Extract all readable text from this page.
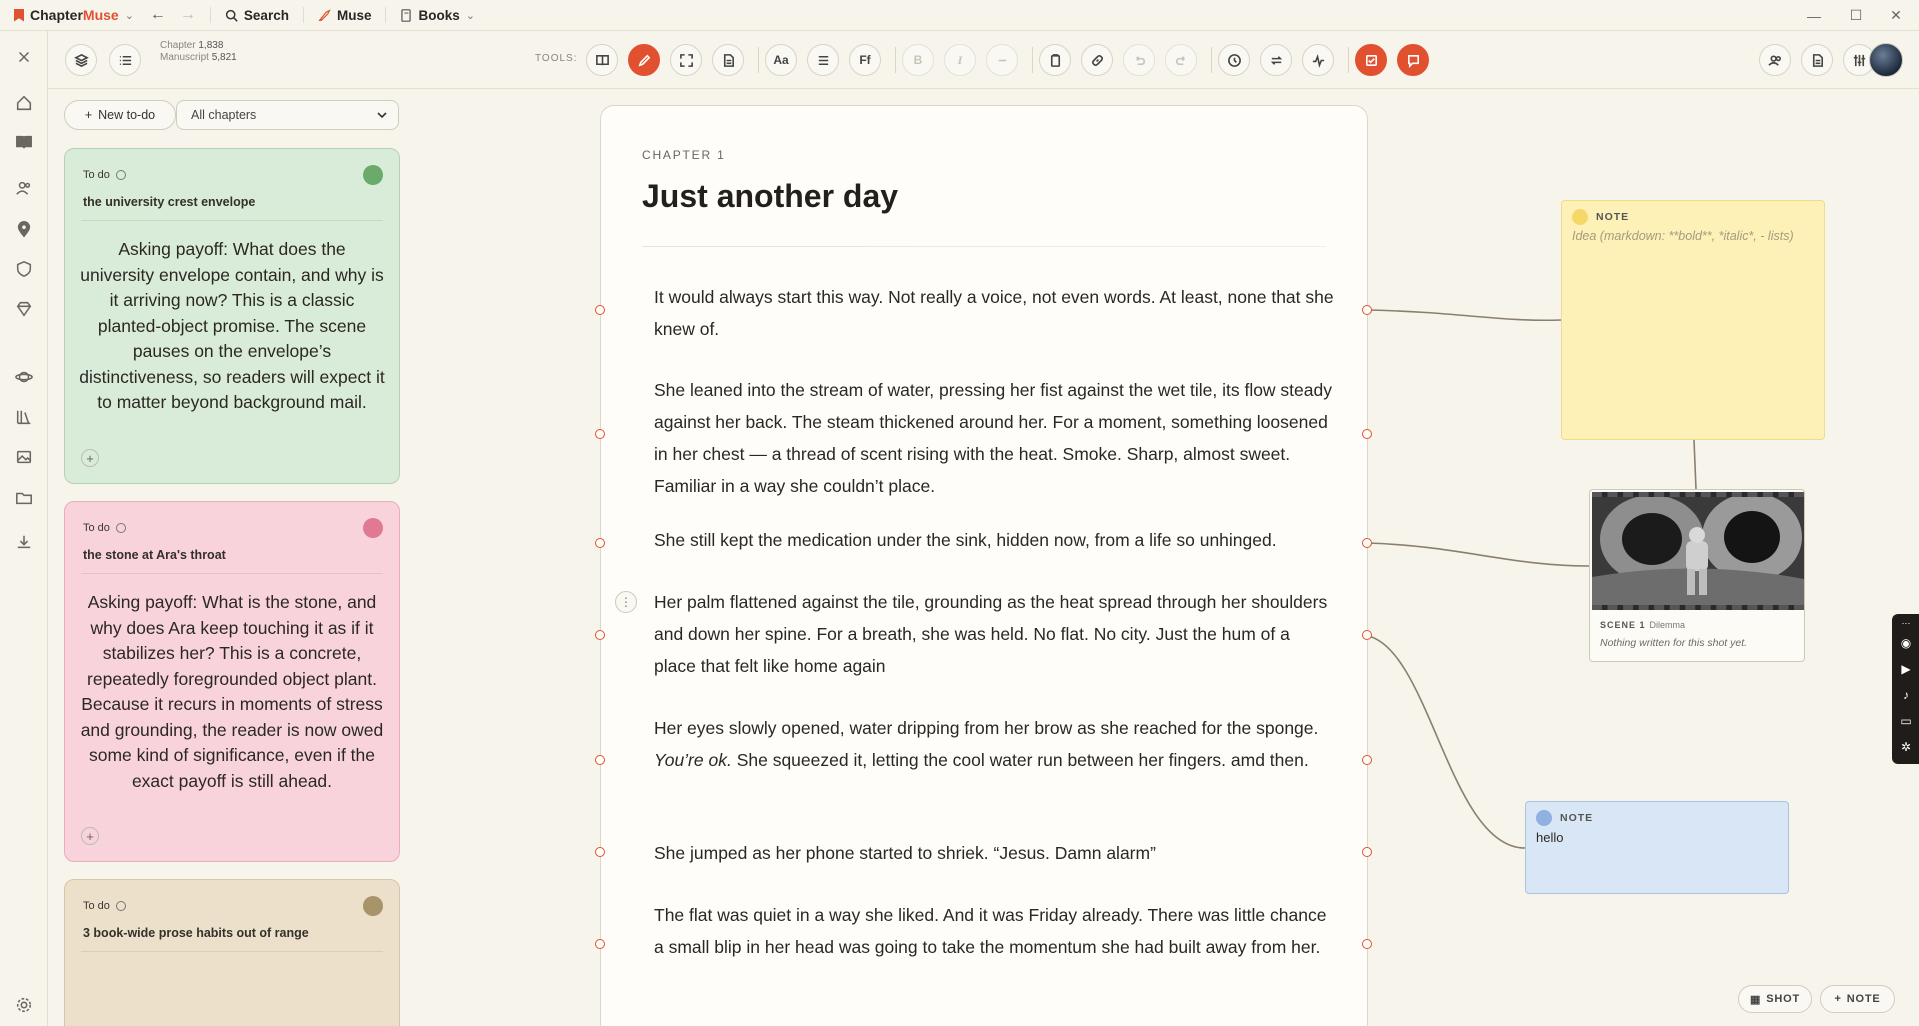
ChapterMuse ⌄ ← →	Search	Muse	Books ⌄	—	☐	✕
Chapter 1,838
Manuscript 5,821	TOOLS:	Aa	Ff	B	I
+ New to-do	All chapters
To do
the university crest envelope
Asking payoff: What does the university envelope contain, and why is it arriving now? This is a classic planted-object promise. The scene pauses on the envelope’s distinctiveness, so readers will expect it to matter beyond background mail.
+
To do
the stone at Ara's throat
Asking payoff: What is the stone, and why does Ara keep touching it as if it stabilizes her? This is a concrete, repeatedly foregrounded object plant. Because it recurs in moments of stress and grounding, the reader is now owed some kind of significance, even if the exact payoff is still ahead.
+
To do
3 book-wide prose habits out of range
CHAPTER 1
Just another day
It would always start this way. Not really a voice, not even words. At least, none that she knew of.
She leaned into the stream of water, pressing her fist against the wet tile, its flow steady against her back. The steam thickened around her. For a moment, something loosened in her chest — a thread of scent rising with the heat. Smoke. Sharp, almost sweet. Familiar in a way she couldn’t place.
She still kept the medication under the sink, hidden now, from a life so unhinged.
Her palm flattened against the tile, grounding as the heat spread through her shoulders and down her spine. For a breath, she was held. No flat. No city. Just the hum of a place that felt like home again
Her eyes slowly opened, water dripping from her brow as she reached for the sponge. You’re ok. She squeezed it, letting the cool water run between her fingers. amd then.
She jumped as her phone started to shriek. “Jesus. Damn alarm”
The flat was quiet in a way she liked. And it was Friday already. There was little chance a small blip in her head was going to take the momentum she had built away from her.
⋮
NOTE
Idea (markdown: **bold**, *italic*, - lists)
SCENE 1 Dilemma
Nothing written for this shot yet.
NOTE
hello
⋯
◉
▶
♪
▭
✲
▦ SHOT	+ NOTE
